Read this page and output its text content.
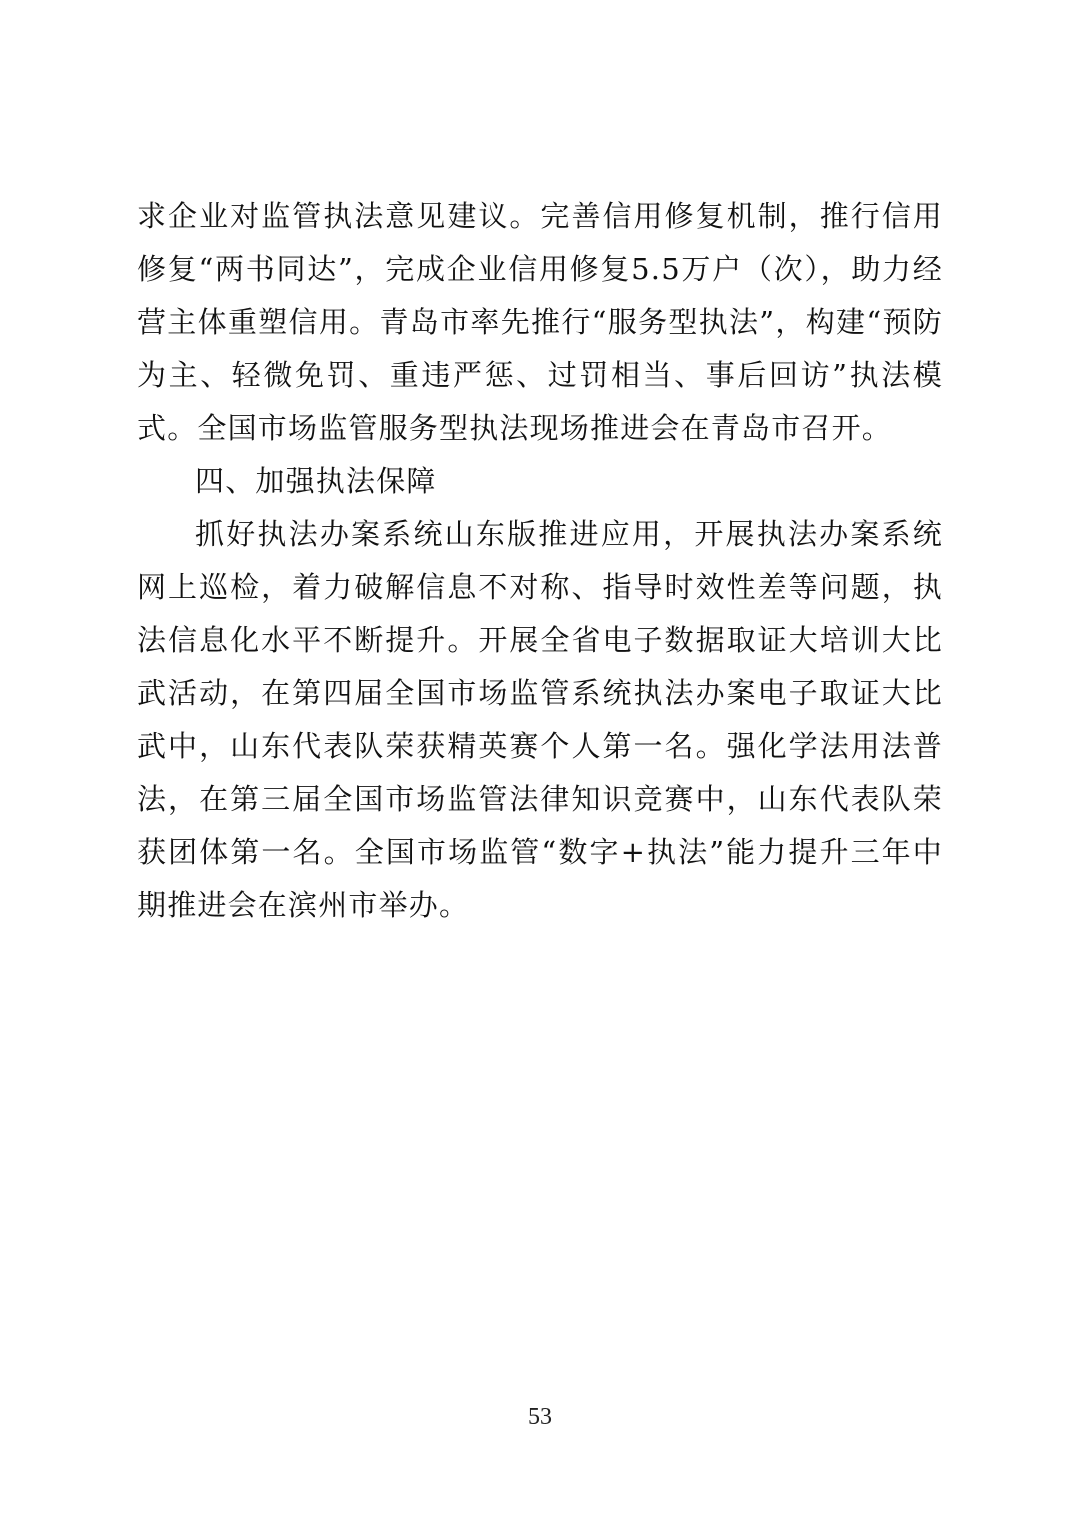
求企业对监管执法意见建议。完善信用修复机制，推行信用修复“两书同达”，完成企业信用修复5.5万户（次），助力经营主体重塑信用。青岛市率先推行“服务型执法”，构建“预防为主、轻微免罚、重违严惩、过罚相当、事后回访”执法模式。全国市场监管服务型执法现场推进会在青岛市召开。

四、加强执法保障

抓好执法办案系统山东版推进应用，开展执法办案系统网上巡检，着力破解信息不对称、指导时效性差等问题，执法信息化水平不断提升。开展全省电子数据取证大培训大比武活动，在第四届全国市场监管系统执法办案电子取证大比武中，山东代表队荣获精英赛个人第一名。强化学法用法普法，在第三届全国市场监管法律知识竞赛中，山东代表队荣获团体第一名。全国市场监管“数字+执法”能力提升三年中期推进会在滨州市举办。

53
